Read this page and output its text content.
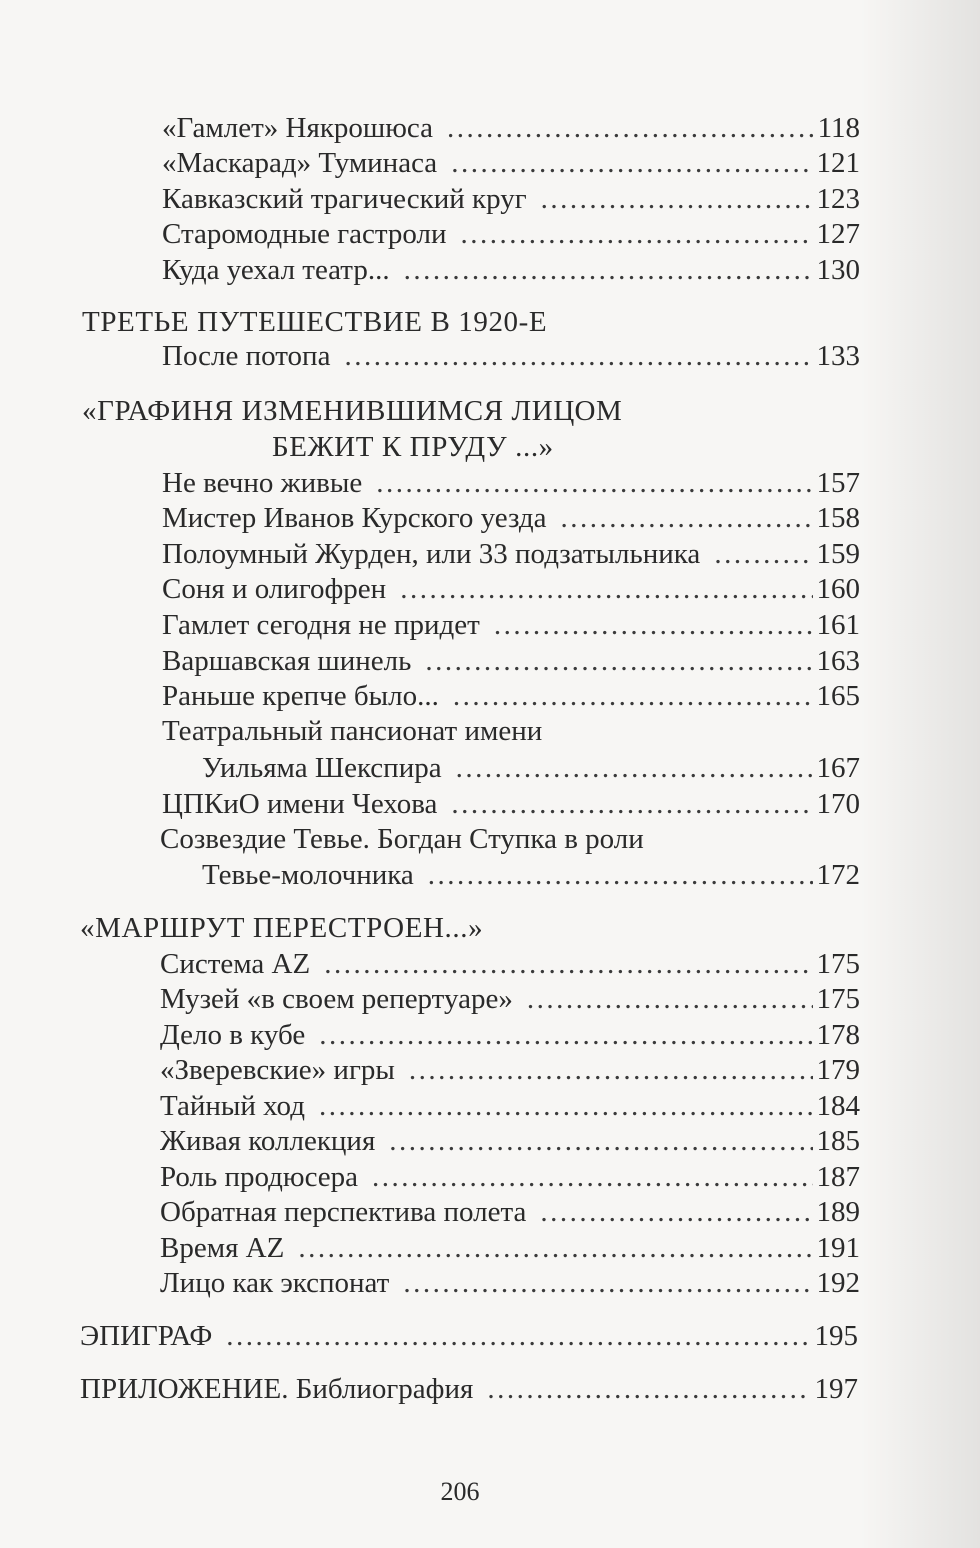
«Гамлет» Някрошюса .....	118
«Маскарад» Туминаса .....	121
Кавказский трагический круг .....	123
Старомодные гастроли .....	127
Куда уехал театр... .....	130
ТРЕТЬЕ ПУТЕШЕСТВИЕ В 1920-Е
После потопа .....	133
«ГРАФИНЯ ИЗМЕНИВШИМСЯ ЛИЦОМ
БЕЖИТ К ПРУДУ ...»
Не вечно живые .....	157
Мистер Иванов Курского уезда .....	158
Полоумный Журден, или 33 подзатыльника .....	159
Соня и олигофрен .....	160
Гамлет сегодня не придет .....	161
Варшавская шинель .....	163
Раньше крепче было... .....	165
Театральный пансионат имени
Уильяма Шекспира .....	167
ЦПКиО имени Чехова .....	170
Созвездие Тевье. Богдан Ступка в роли
Тевье-молочника .....	172
«МАРШРУТ ПЕРЕСТРОЕН...»
Система AZ .....	175
Музей «в своем репертуаре» .....	175
Дело в кубе .....	178
«Зверевские» игры .....	179
Тайный ход .....	184
Живая коллекция .....	185
Роль продюсера .....	187
Обратная перспектива полета .....	189
Время AZ .....	191
Лицо как экспонат .....	192
ЭПИГРАФ .....	195
ПРИЛОЖЕНИЕ. Библиография .....	197
206
